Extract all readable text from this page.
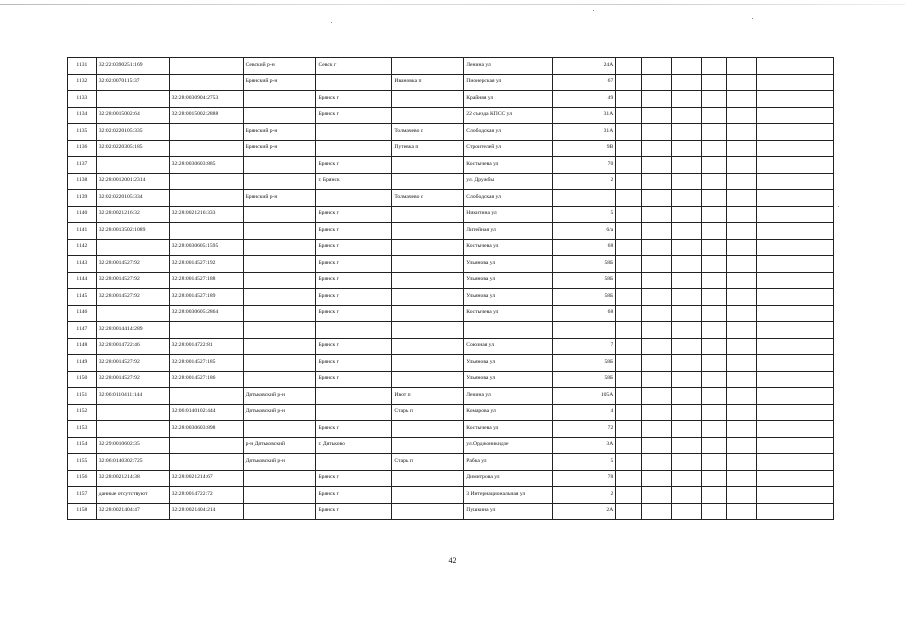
1131	32:22:0390251:169		Севский р-н	Севск г		Ленина ул	24А						
1132	32:02:0070115:37		Брянский р-н		Ивановка п	Пионерская ул	67						
1133		32:28:0030904:2753		Брянск г		Крайняя ул	49						
1134	32:28:0015002:64	32:28:0015002:2888		Брянск г		22 съезда КПСС ул	31А						
1135	32:02:0220105:335		Брянский р-н		Толмачево с	Слободская ул	31А						
1136	32:02:0220305:185		Брянский р-н		Путевка п	Строителей ул	9В						
1137		32:28:0030603:885		Брянск г		Костычева ул	70						
1138	32:28:0012001:2314			г. Брянск		ул. Дружбы	2						
1139	32:02:0220105:334		Брянский р-н		Толмачево с	Слободская ул							
1140	32:28:0021216:32	32:28:0021216:333		Брянск г		Никитина ул	5						
1141	32:28:0013502:1089			Брянск г		Литейная ул	6/а						
1142		32:28:0030605:1595		Брянск г		Костычева ул	68						
1143	32:28:0014527:92	32:28:0014527:192		Брянск г		Ульянова ул	58Б						
1144	32:28:0014527:92	32:28:0014527:188		Брянск г		Ульянова ул	58Б						
1145	32:28:0014527:92	32:28:0014527:189		Брянск г		Ульянова ул	58Б						
1146		32:28:0030605:2864		Брянск г		Костычева ул	68						
1147	32:28:0014414:289												
1148	32:28:0014722:46	32:28:0014722:81		Брянск г		Союзная ул	7						
1149	32:28:0014527:92	32:28:0014527:185		Брянск г		Ульянова ул	58Б						
1150	32:28:0014527:92	32:28:0014527:186		Брянск г		Ульянова ул	58Б						
1151	32:06:0110411:144		Дятьковский р-н		Ивот п	Ленина ул	105А						
1152		32:06:0140102:444	Дятьковский р-н		Старь п	Комарова ул	4						
1153		32:28:0030603:898		Брянск г		Костычева ул	72						
1154	32:29:0010602:35		р-н Дятьковский	г. Дятьково		ул.Орджоникидзе	3А						
1155	32:06:0140302:725		Дятьковский р-н		Старь п	Рабка ул	5						
1156	32:28:0021214:38	32:28:0021214:67		Брянск г		Димитрова ул	78						
1157	данные отсутствуют	32:28:0014722:72		Брянск г		3 Интернациональная ул	2						
1158	32:28:0021404:47	32:28:0021404:214		Брянск г		Пушкина ул	2А						
42
